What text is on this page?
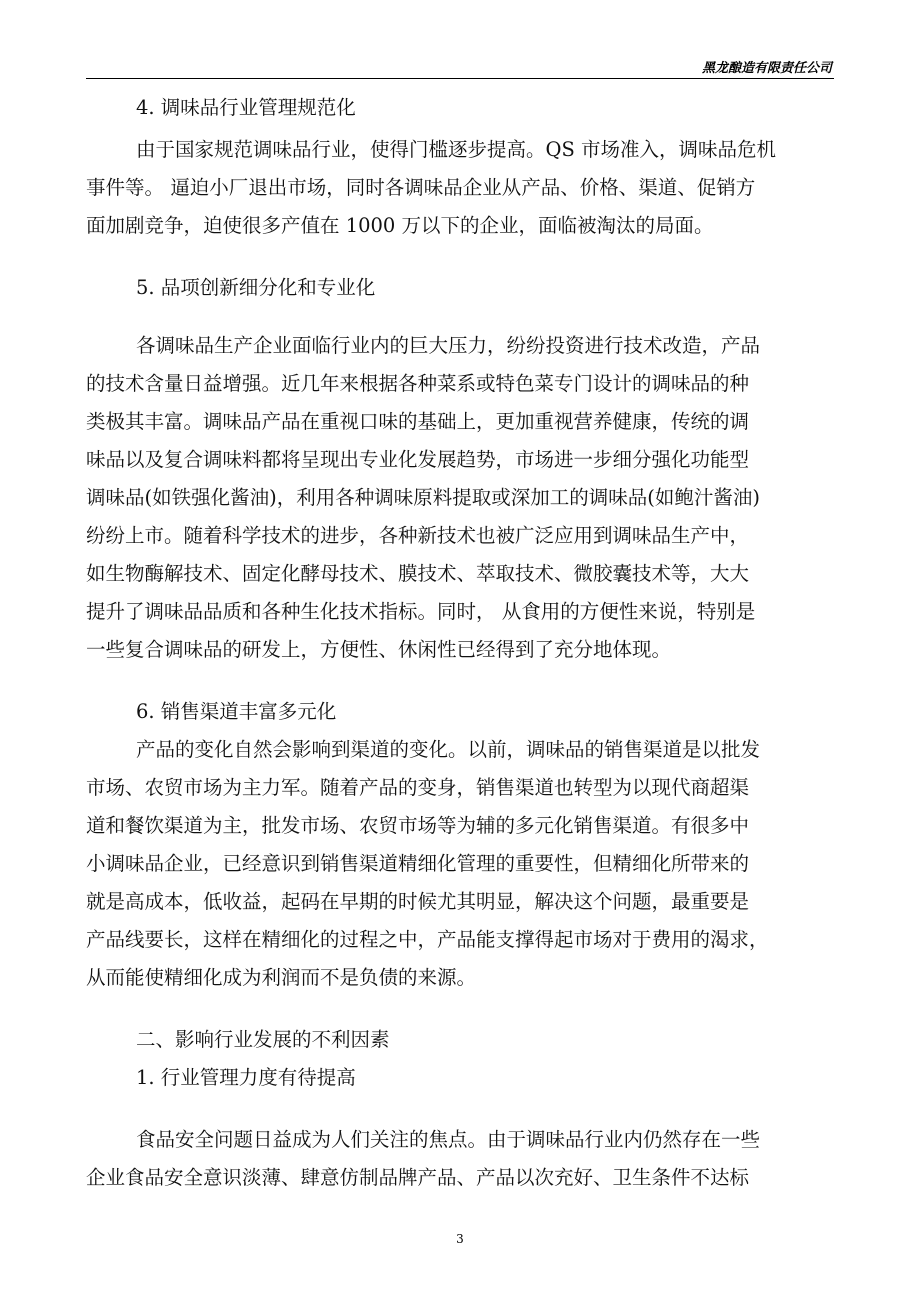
黑龙酿造有限责任公司
4. 调味品行业管理规范化
由于国家规范调味品行业，使得门槛逐步提高。QS 市场准入，调味品危机
事件等。 逼迫小厂退出市场，同时各调味品企业从产品、价格、渠道、促销方
面加剧竞争，迫使很多产值在 1000 万以下的企业，面临被淘汰的局面。
5. 品项创新细分化和专业化
各调味品生产企业面临行业内的巨大压力，纷纷投资进行技术改造，产品
的技术含量日益增强。近几年来根据各种菜系或特色菜专门设计的调味品的种
类极其丰富。调味品产品在重视口味的基础上，更加重视营养健康，传统的调
味品以及复合调味料都将呈现出专业化发展趋势，市场进一步细分强化功能型
调味品(如铁强化酱油)，利用各种调味原料提取或深加工的调味品(如鲍汁酱油)
纷纷上市。随着科学技术的进步，各种新技术也被广泛应用到调味品生产中，
如生物酶解技术、固定化酵母技术、膜技术、萃取技术、微胶囊技术等，大大
提升了调味品品质和各种生化技术指标。同时， 从食用的方便性来说，特别是
一些复合调味品的研发上，方便性、休闲性已经得到了充分地体现。
6. 销售渠道丰富多元化
产品的变化自然会影响到渠道的变化。以前，调味品的销售渠道是以批发
市场、农贸市场为主力军。随着产品的变身，销售渠道也转型为以现代商超渠
道和餐饮渠道为主，批发市场、农贸市场等为辅的多元化销售渠道。有很多中
小调味品企业，已经意识到销售渠道精细化管理的重要性，但精细化所带来的
就是高成本，低收益，起码在早期的时候尤其明显，解决这个问题，最重要是
产品线要长，这样在精细化的过程之中，产品能支撑得起市场对于费用的渴求，
从而能使精细化成为利润而不是负债的来源。
二、影响行业发展的不利因素
1. 行业管理力度有待提高
食品安全问题日益成为人们关注的焦点。由于调味品行业内仍然存在一些
企业食品安全意识淡薄、肆意仿制品牌产品、产品以次充好、卫生条件不达标
3
